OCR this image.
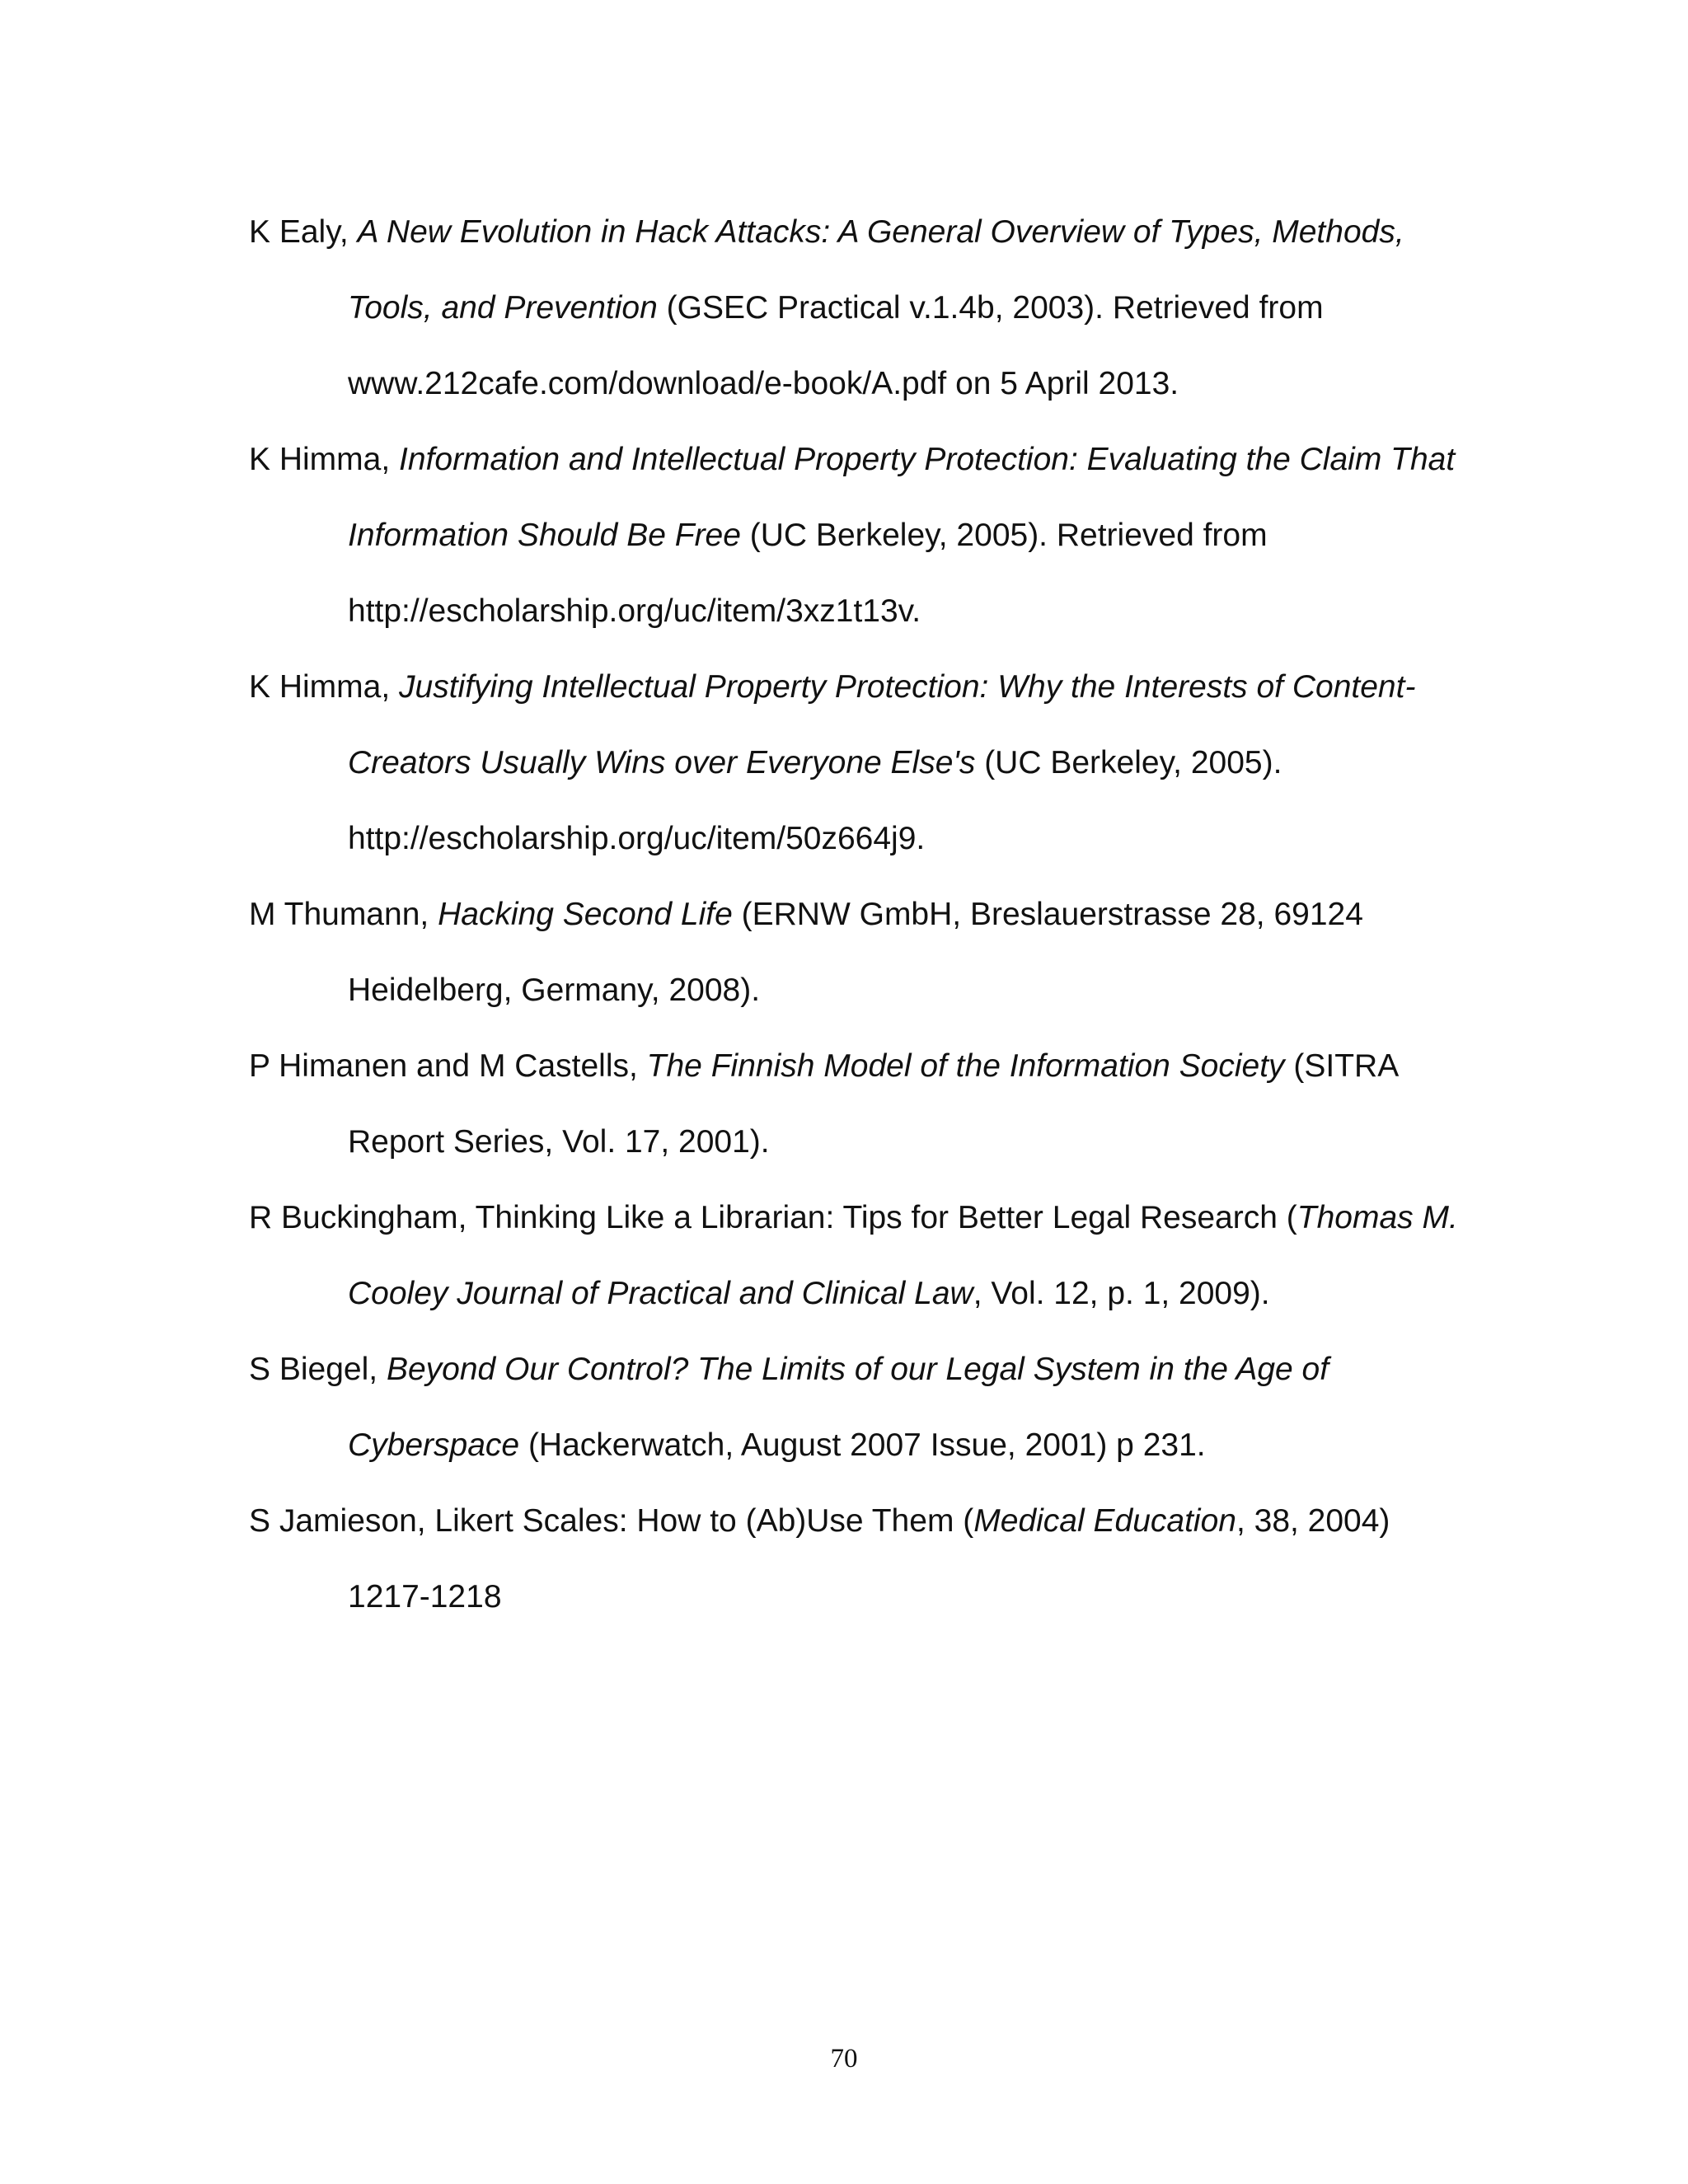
K Ealy, A New Evolution in Hack Attacks: A General Overview of Types, Methods, Tools, and Prevention (GSEC Practical v.1.4b, 2003). Retrieved from www.212cafe.com/download/e-book/A.pdf on 5 April 2013.

K Himma, Information and Intellectual Property Protection: Evaluating the Claim That Information Should Be Free (UC Berkeley, 2005). Retrieved from http://escholarship.org/uc/item/3xz1t13v.

K Himma, Justifying Intellectual Property Protection: Why the Interests of Content-Creators Usually Wins over Everyone Else's (UC Berkeley, 2005). http://escholarship.org/uc/item/50z664j9.

M Thumann, Hacking Second Life (ERNW GmbH, Breslauerstrasse 28, 69124 Heidelberg, Germany, 2008).

P Himanen and M Castells, The Finnish Model of the Information Society (SITRA Report Series, Vol. 17, 2001).

R Buckingham, Thinking Like a Librarian: Tips for Better Legal Research (Thomas M. Cooley Journal of Practical and Clinical Law, Vol. 12, p. 1, 2009).

S Biegel, Beyond Our Control? The Limits of our Legal System in the Age of Cyberspace (Hackerwatch, August 2007 Issue, 2001) p 231.

S Jamieson, Likert Scales: How to (Ab)Use Them (Medical Education, 38, 2004) 1217-1218

70
